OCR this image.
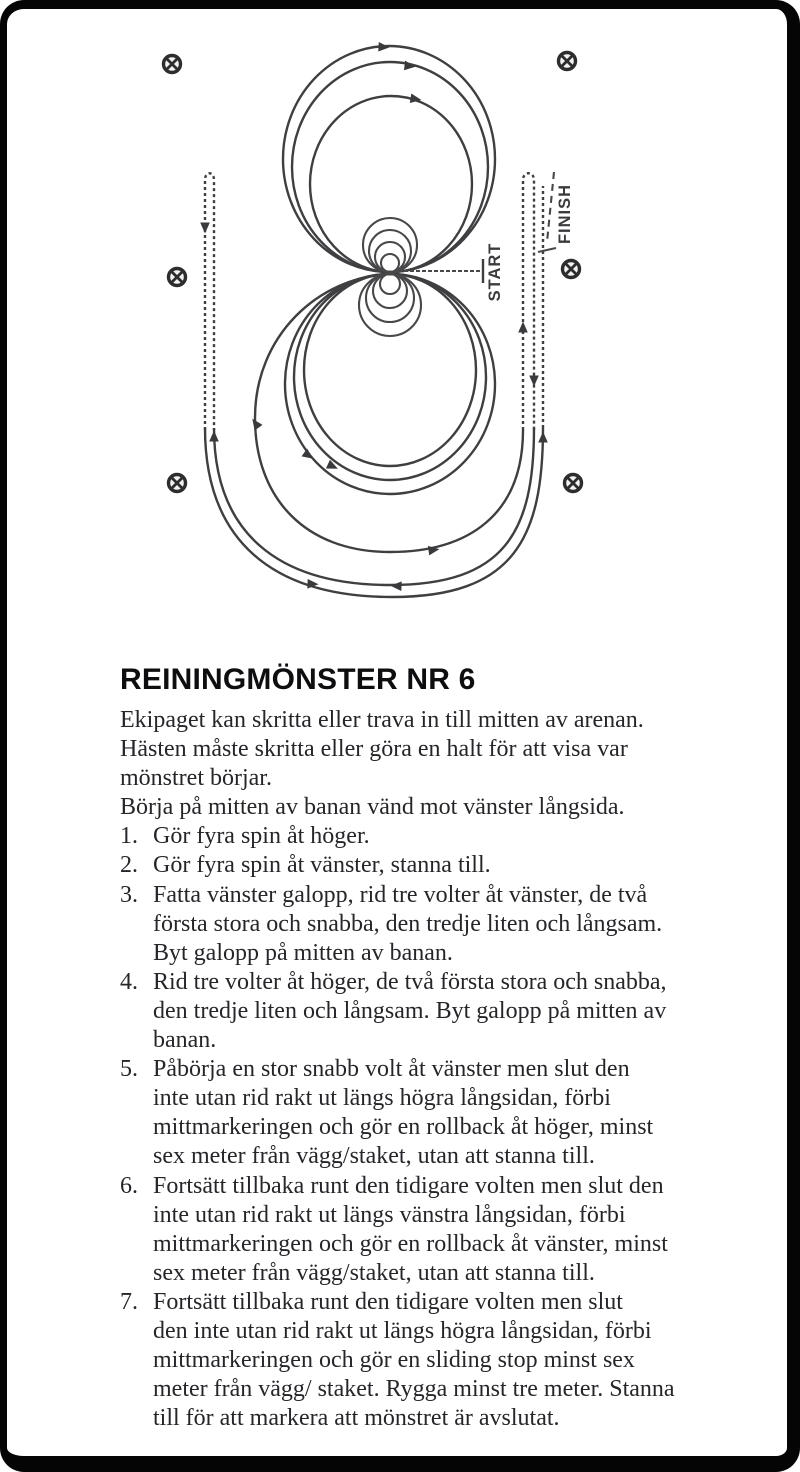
START
FINISH
REININGMÖNSTER NR 6
Ekipaget kan skritta eller trava in till mitten av arenan.
Hästen måste skritta eller göra en halt för att visa var
mönstret börjar.
Börja på mitten av banan vänd mot vänster långsida.
1. Gör fyra spin åt höger.
2. Gör fyra spin åt vänster, stanna till.
3. Fatta vänster galopp, rid tre volter åt vänster, de två
första stora och snabba, den tredje liten och långsam.
Byt galopp på mitten av banan.
4. Rid tre volter åt höger, de två första stora och snabba,
den tredje liten och långsam. Byt galopp på mitten av
banan.
5. Påbörja en stor snabb volt åt vänster men slut den
inte utan rid rakt ut längs högra långsidan, förbi
mittmarkeringen och gör en rollback åt höger, minst
sex meter från vägg/staket, utan att stanna till.
6. Fortsätt tillbaka runt den tidigare volten men slut den
inte utan rid rakt ut längs vänstra långsidan, förbi
mittmarkeringen och gör en rollback åt vänster, minst
sex meter från vägg/staket, utan att stanna till.
7. Fortsätt tillbaka runt den tidigare volten men slut
den inte utan rid rakt ut längs högra långsidan, förbi
mittmarkeringen och gör en sliding stop minst sex
meter från vägg/ staket. Rygga minst tre meter. Stanna
till för att markera att mönstret är avslutat.
